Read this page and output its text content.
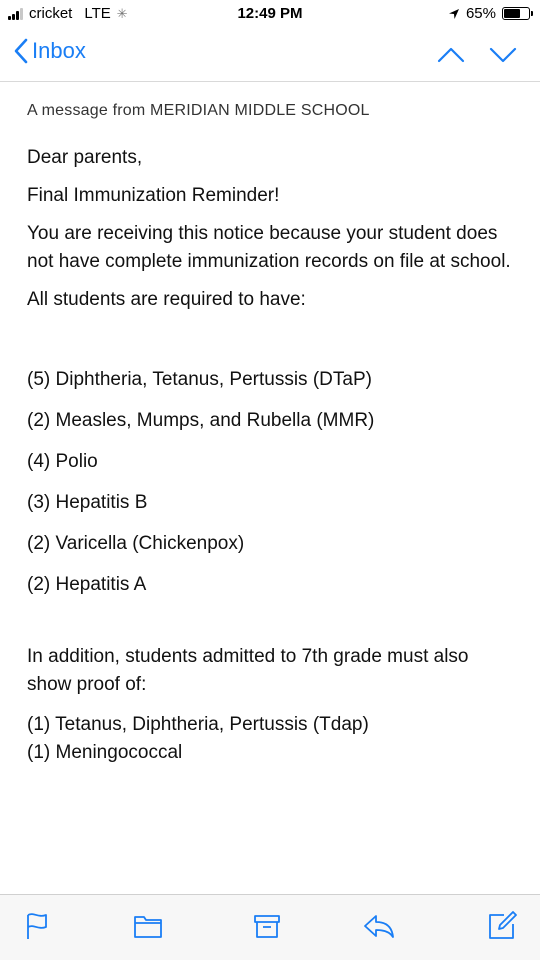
cricket LTE ✳	12:49 PM	65%
Inbox
A message from MERIDIAN MIDDLE SCHOOL
Dear parents,
Final Immunization Reminder!
You are receiving this notice because your student does not have complete immunization records on file at school.
All students are required to have:
(5) Diphtheria, Tetanus, Pertussis (DTaP)
(2) Measles, Mumps, and Rubella (MMR)
(4) Polio
(3) Hepatitis B
(2) Varicella (Chickenpox)
(2) Hepatitis A
In addition, students admitted to 7th grade must also show proof of:
(1) Tetanus, Diphtheria, Pertussis (Tdap)
(1) Meningococcal
